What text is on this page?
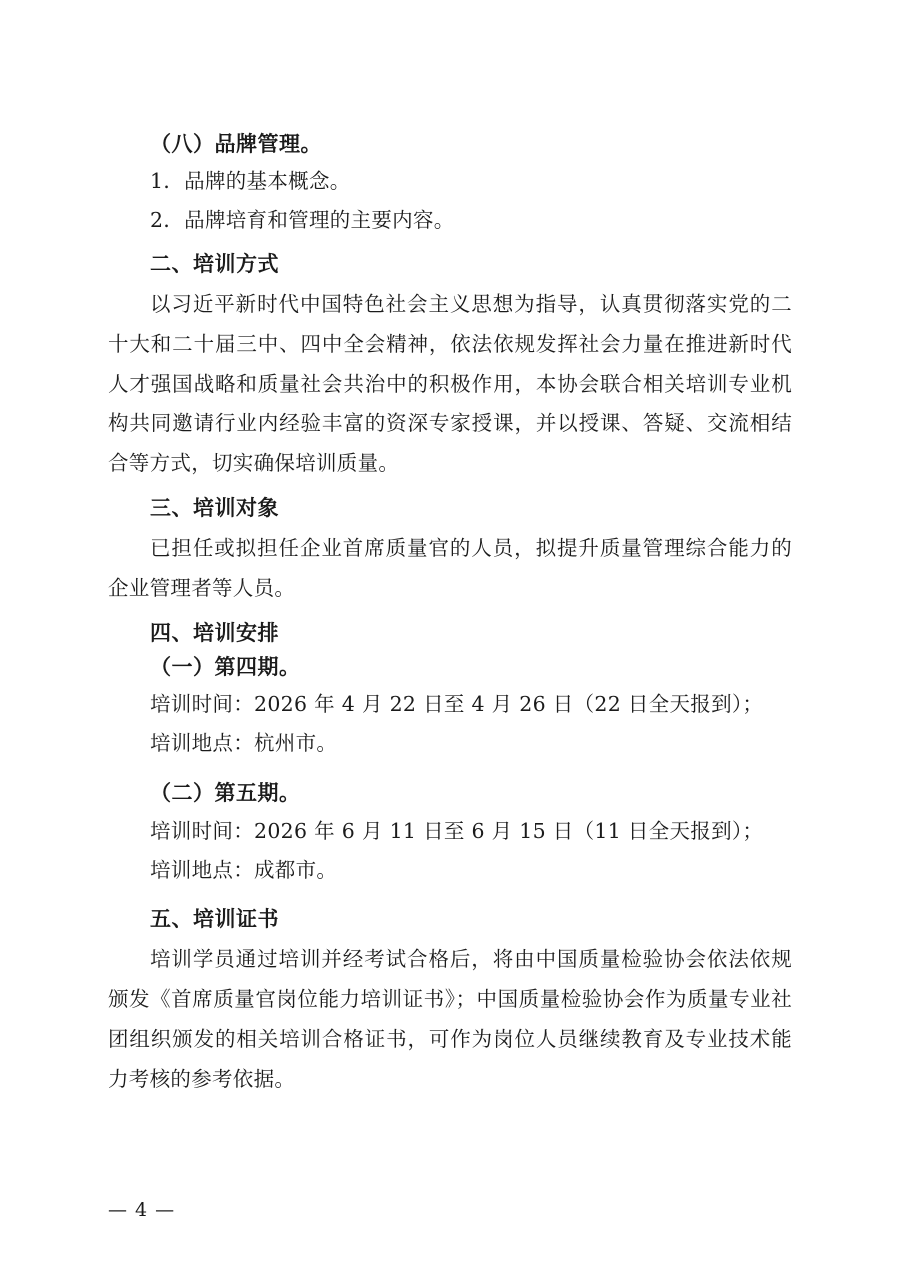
（八）品牌管理。

1．品牌的基本概念。

2．品牌培育和管理的主要内容。

二、培训方式

以习近平新时代中国特色社会主义思想为指导，认真贯彻落实党的二十大和二十届三中、四中全会精神，依法依规发挥社会力量在推进新时代人才强国战略和质量社会共治中的积极作用，本协会联合相关培训专业机构共同邀请行业内经验丰富的资深专家授课，并以授课、答疑、交流相结合等方式，切实确保培训质量。

三、培训对象

已担任或拟担任企业首席质量官的人员，拟提升质量管理综合能力的企业管理者等人员。

四、培训安排

（一）第四期。

培训时间：2026 年 4 月 22 日至 4 月 26 日（22 日全天报到）；

培训地点：杭州市。

（二）第五期。

培训时间：2026 年 6 月 11 日至 6 月 15 日（11 日全天报到）；

培训地点：成都市。

五、培训证书

培训学员通过培训并经考试合格后，将由中国质量检验协会依法依规颁发《首席质量官岗位能力培训证书》；中国质量检验协会作为质量专业社团组织颁发的相关培训合格证书，可作为岗位人员继续教育及专业技术能力考核的参考依据。

— 4 —
